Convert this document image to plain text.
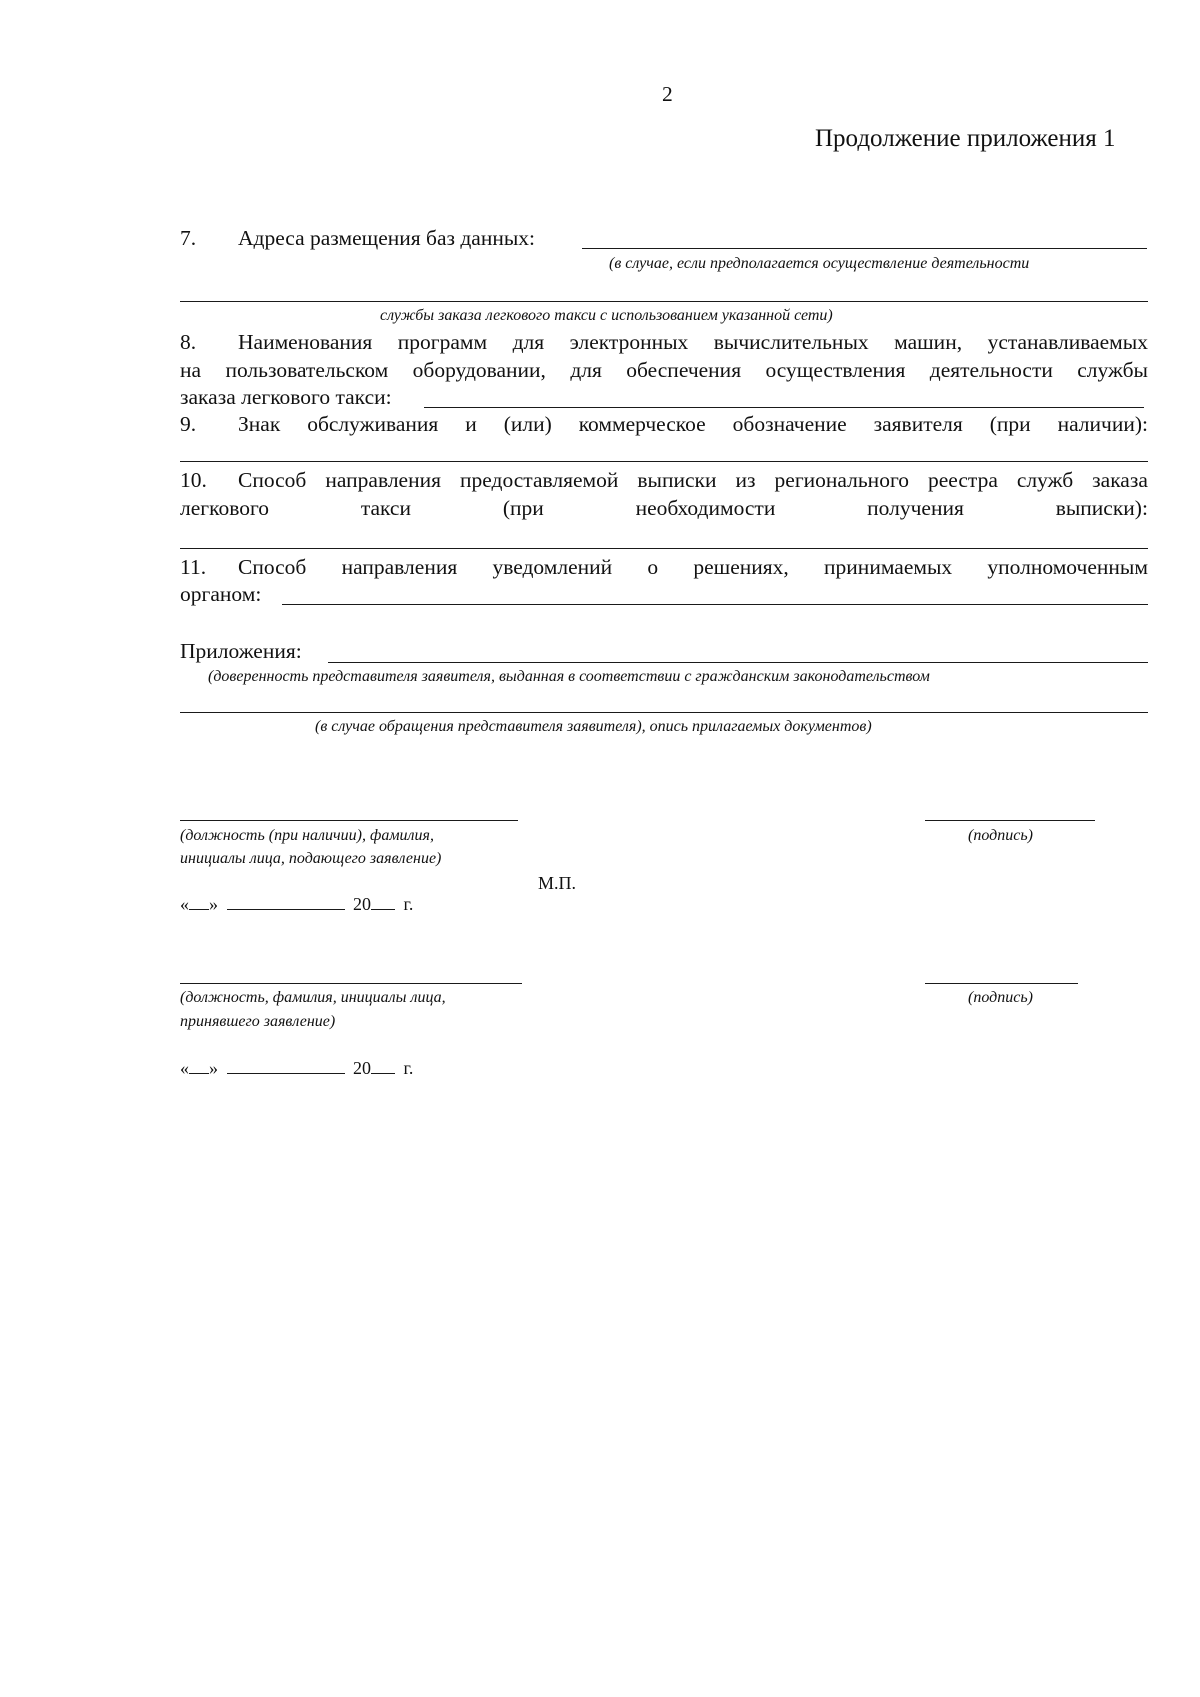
2
Продолжение приложения 1
7. Адреса размещения баз данных:
(в случае, если предполагается осуществление деятельности
службы заказа легкового такси с использованием указанной сети)
8. Наименования программ для электронных вычислительных машин, устанавливаемых
на пользовательском оборудовании, для обеспечения осуществления деятельности службы
заказа легкового такси:
9. Знак обслуживания и (или) коммерческое обозначение заявителя (при наличии):
10. Способ направления предоставляемой выписки из регионального реестра служб заказа
легкового	такси	(при	необходимости	получения	выписки):
11. Способ направления уведомлений о решениях, принимаемых уполномоченным
органом:
Приложения:
(доверенность представителя заявителя, выданная в соответствии с гражданским законодательством
(в случае обращения представителя заявителя), опись прилагаемых документов)
(должность (при наличии), фамилия,
инициалы лица, подающего заявление)
(подпись)
М.П.
« »	20 г.
(должность, фамилия, инициалы лица,
принявшего заявление)
(подпись)
« »	20 г.
